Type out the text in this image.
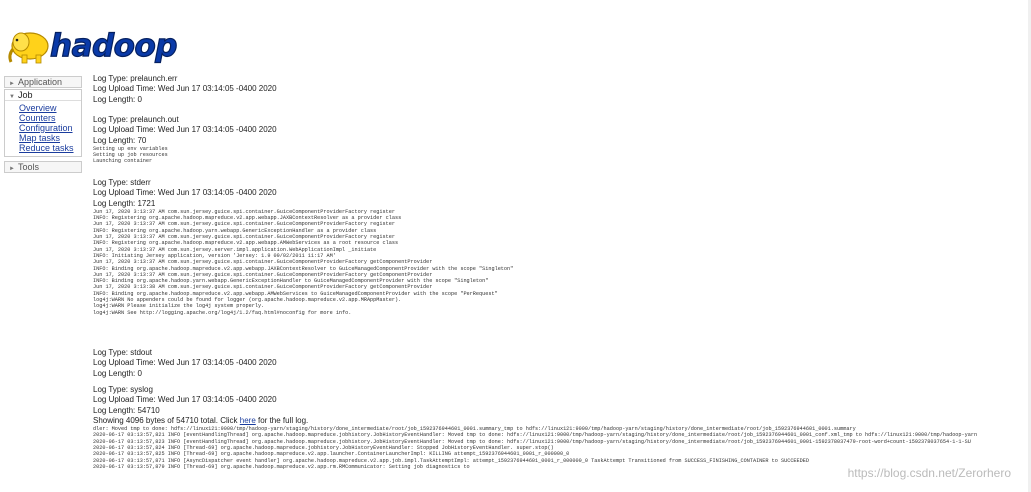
hadoop
► Application
▼ Job
Overview
Counters
Configuration
Map tasks
Reduce tasks
► Tools
Log Type: prelaunch.err
Log Upload Time: Wed Jun 17 03:14:05 -0400 2020
Log Length: 0
Log Type: prelaunch.out
Log Upload Time: Wed Jun 17 03:14:05 -0400 2020
Log Length: 70
Setting up env variables
Setting up job resources
Launching container
Log Type: stderr
Log Upload Time: Wed Jun 17 03:14:05 -0400 2020
Log Length: 1721
Jun 17, 2020 3:13:37 AM com.sun.jersey.guice.spi.container.GuiceComponentProviderFactory register
INFO: Registering org.apache.hadoop.mapreduce.v2.app.webapp.JAXBContextResolver as a provider class
Jun 17, 2020 3:13:37 AM com.sun.jersey.guice.spi.container.GuiceComponentProviderFactory register
INFO: Registering org.apache.hadoop.yarn.webapp.GenericExceptionHandler as a provider class
Jun 17, 2020 3:13:37 AM com.sun.jersey.guice.spi.container.GuiceComponentProviderFactory register
INFO: Registering org.apache.hadoop.mapreduce.v2.app.webapp.AMWebServices as a root resource class
Jun 17, 2020 3:13:37 AM com.sun.jersey.server.impl.application.WebApplicationImpl _initiate
INFO: Initiating Jersey application, version 'Jersey: 1.9 09/02/2011 11:17 AM'
Jun 17, 2020 3:13:37 AM com.sun.jersey.guice.spi.container.GuiceComponentProviderFactory getComponentProvider
INFO: Binding org.apache.hadoop.mapreduce.v2.app.webapp.JAXBContextResolver to GuiceManagedComponentProvider with the scope "Singleton"
Jun 17, 2020 3:13:37 AM com.sun.jersey.guice.spi.container.GuiceComponentProviderFactory getComponentProvider
INFO: Binding org.apache.hadoop.yarn.webapp.GenericExceptionHandler to GuiceManagedComponentProvider with the scope "Singleton"
Jun 17, 2020 3:13:38 AM com.sun.jersey.guice.spi.container.GuiceComponentProviderFactory getComponentProvider
INFO: Binding org.apache.hadoop.mapreduce.v2.app.webapp.AMWebServices to GuiceManagedComponentProvider with the scope "PerRequest"
log4j:WARN No appenders could be found for logger (org.apache.hadoop.mapreduce.v2.app.MRAppMaster).
log4j:WARN Please initialize the log4j system properly.
log4j:WARN See http://logging.apache.org/log4j/1.2/faq.html#noconfig for more info.
Log Type: stdout
Log Upload Time: Wed Jun 17 03:14:05 -0400 2020
Log Length: 0
Log Type: syslog
Log Upload Time: Wed Jun 17 03:14:05 -0400 2020
Log Length: 54710
Showing 4096 bytes of 54710 total. Click here for the full log.
dler: Moved tmp to done: hdfs://linux121:9000/tmp/hadoop-yarn/staging/history/done_intermediate/root/job_1592376944601_0001.summary_tmp to hdfs://linux121:9000/tmp/hadoop-yarn/staging/history/done_intermediate/root/job_1592376944601_0001.summary
2020-06-17 03:13:57,821 INFO [eventHandlingThread] org.apache.hadoop.mapreduce.jobhistory.JobHistoryEventHandler: Moved tmp to done: hdfs://linux121:9000/tmp/hadoop-yarn/staging/history/done_intermediate/root/job_1592376944601_0001_conf.xml_tmp to hdfs://linux121:9000/tmp/hadoop-yarn
2020-06-17 03:13:57,823 INFO [eventHandlingThread] org.apache.hadoop.mapreduce.jobhistory.JobHistoryEventHandler: Moved tmp to done: hdfs://linux121:9000/tmp/hadoop-yarn/staging/history/done_intermediate/root/job_1592376944601_0001-1592378037479-root-word+count-1592378037654-1-1-SU
2020-06-17 03:13:57,824 INFO [Thread-69] org.apache.hadoop.mapreduce.jobhistory.JobHistoryEventHandler: Stopped JobHistoryEventHandler. super.stop()
2020-06-17 03:13:57,825 INFO [Thread-69] org.apache.hadoop.mapreduce.v2.app.launcher.ContainerLauncherImpl: KILLING attempt_1592376944601_0001_r_000000_0
2020-06-17 03:13:57,871 INFO [AsyncDispatcher event handler] org.apache.hadoop.mapreduce.v2.app.job.impl.TaskAttemptImpl: attempt_1592376944601_0001_r_000000_0 TaskAttempt Transitioned from SUCCESS_FINISHING_CONTAINER to SUCCEEDED
2020-06-17 03:13:57,879 INFO [Thread-69] org.apache.hadoop.mapreduce.v2.app.rm.RMCommunicator: Setting job diagnostics to	https://blog.csdn.net/Zerorhero
